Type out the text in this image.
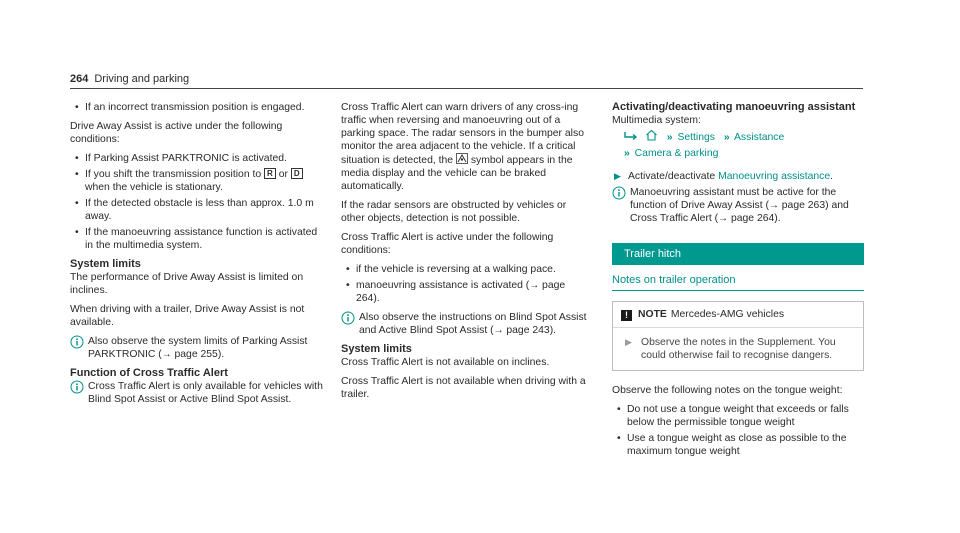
264 Driving and parking
• If an incorrect transmission position is engaged.

Drive Away Assist is active under the following conditions:

• If Parking Assist PARKTRONIC is activated.
• If you shift the transmission position to R or D when the vehicle is stationary.
• If the detected obstacle is less than approx. 1.0 m away.
• If the manoeuvring assistance function is activated in the multimedia system.
System limits

The performance of Drive Away Assist is limited on inclines.

When driving with a trailer, Drive Away Assist is not available.

Also observe the system limits of Parking Assist PARKTRONIC (→ page 255).
Function of Cross Traffic Alert
Cross Traffic Alert is only available for vehicles with Blind Spot Assist or Active Blind Spot Assist.

Cross Traffic Alert can warn drivers of any cross-ing traffic when reversing and manoeuvring out of a parking space. The radar sensors in the bumper also monitor the area adjacent to the vehicle. If a critical situation is detected, the symbol appears in the media display and the vehicle can be braked automatically.

If the radar sensors are obstructed by vehicles or other objects, detection is not possible.

Cross Traffic Alert is active under the following conditions:

• if the vehicle is reversing at a walking pace.
• manoeuvring assistance is activated (→ page 264).
Also observe the instructions on Blind Spot Assist and Active Blind Spot Assist (→ page 243).
System limits

Cross Traffic Alert is not available on inclines.

Cross Traffic Alert is not available when driving with a trailer.

Activating/deactivating manoeuvring assistant

Multimedia system:

» Settings » Assistance
» Camera & parking
▶ Activate/deactivate Manoeuvring assistance.
Manoeuvring assistant must be active for the function of Drive Away Assist (→ page 263) and Cross Traffic Alert (→ page 264).
Trailer hitch
Notes on trailer operation
! NOTE Mercedes-AMG vehicles
▶ Observe the notes in the Supplement. You could otherwise fail to recognise dangers.

Observe the following notes on the tongue weight:

• Do not use a tongue weight that exceeds or falls below the permissible tongue weight
• Use a tongue weight as close as possible to the maximum tongue weight
